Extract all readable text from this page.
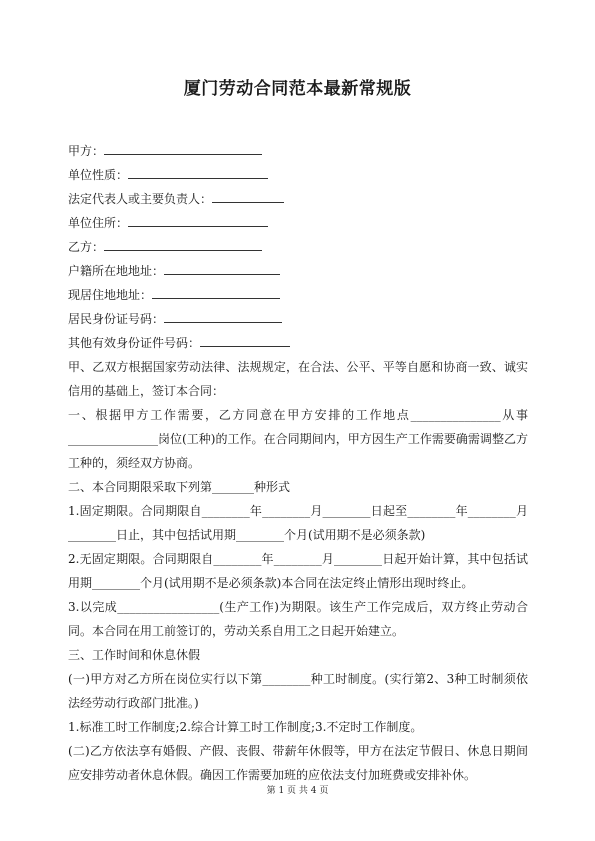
厦门劳动合同范本最新常规版
甲方：
单位性质：
法定代表人或主要负责人：
单位住所：
乙方：
户籍所在地地址：
现居住地地址：
居民身份证号码：
其他有效身份证件号码：
甲、乙双方根据国家劳动法律、法规规定，在合法、公平、平等自愿和协商一致、诚实信用的基础上，签订本合同：
一、根据甲方工作需要，乙方同意在甲方安排的工作地点_______________从事_______________岗位(工种)的工作。在合同期间内，甲方因生产工作需要确需调整乙方工种的，须经双方协商。
二、本合同期限采取下列第_______种形式
1.固定期限。合同期限自________年________月________日起至________年________月________日止，其中包括试用期________个月(试用期不是必须条款)
2.无固定期限。合同期限自________年________月________日起开始计算，其中包括试用期________个月(试用期不是必须条款)本合同在法定终止情形出现时终止。
3.以完成_________________(生产工作)为期限。该生产工作完成后，双方终止劳动合同。本合同在用工前签订的，劳动关系自用工之日起开始建立。
三、工作时间和休息休假
(一)甲方对乙方所在岗位实行以下第________种工时制度。(实行第2、3种工时制须依法经劳动行政部门批准。)
1.标准工时工作制度;2.综合计算工时工作制度;3.不定时工作制度。
(二)乙方依法享有婚假、产假、丧假、带薪年休假等，甲方在法定节假日、休息日期间应安排劳动者休息休假。确因工作需要加班的应依法支付加班费或安排补休。
第 1 页 共 4 页
